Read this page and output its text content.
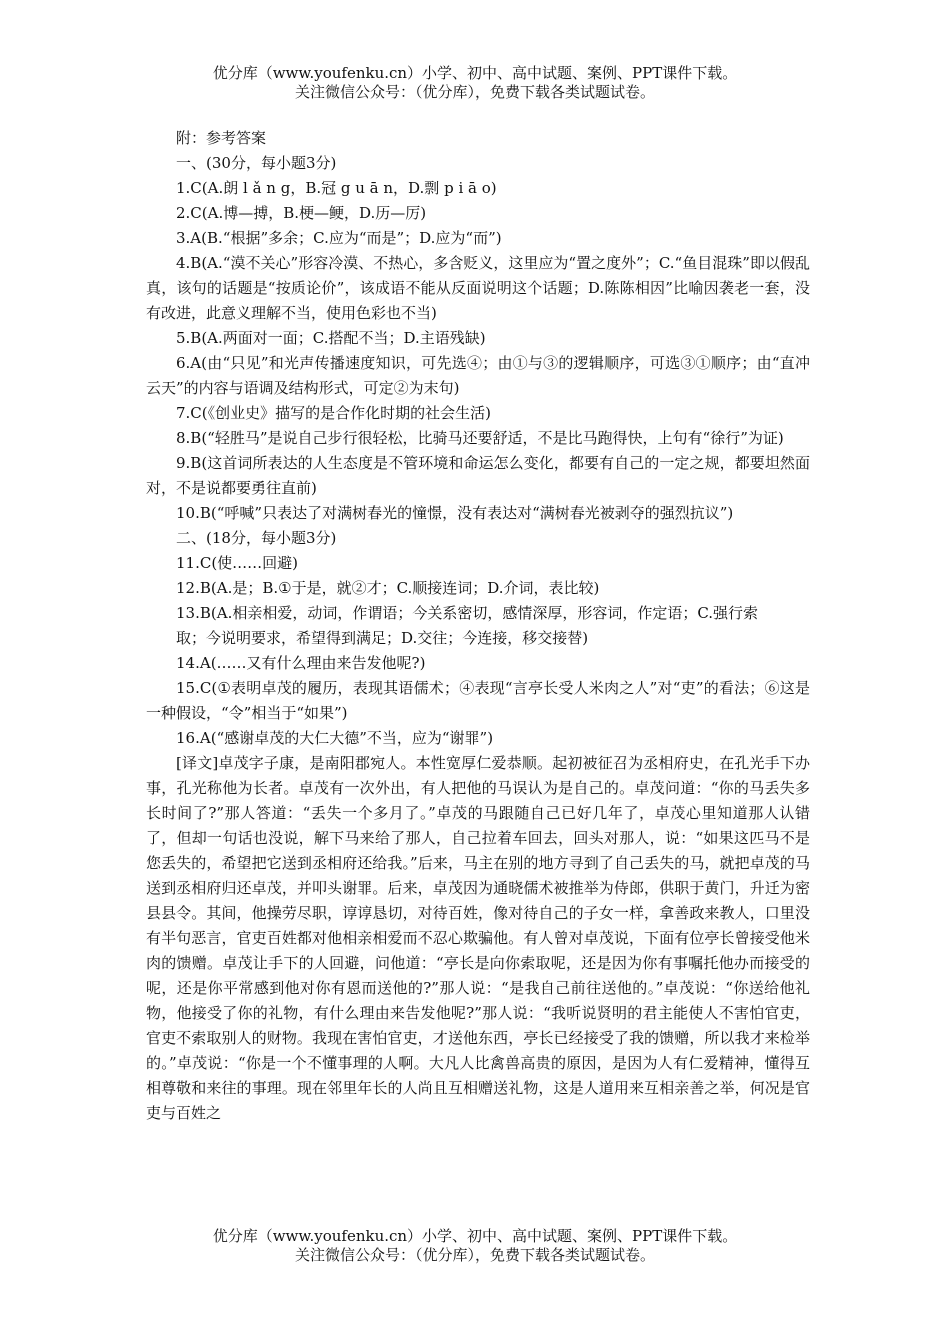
优分库（www.youfenku.cn）小学、初中、高中试题、案例、PPT课件下载。
关注微信公众号：（优分库），免费下载各类试题试卷。

附：参考答案

一、(30分，每小题3分)

1.C(A.朗 l ǎ n g，B.冠 g u ā n，D.剽 p i ā o)

2.C(A.博—搏，B.梗—鲠，D.历—厉)

3.A(B.“根据”多余；C.应为“而是”；D.应为“而”)

4.B(A.“漠不关心”形容冷漠、不热心，多含贬义，这里应为“置之度外”；C.“鱼目混珠”即以假乱真，该句的话题是“按质论价”，该成语不能从反面说明这个话题；D.陈陈相因”比喻因袭老一套，没有改进，此意义理解不当，使用色彩也不当)

5.B(A.两面对一面；C.搭配不当；D.主语残缺)

6.A(由“只见”和光声传播速度知识，可先选④；由①与③的逻辑顺序，可选③①顺序；由“直冲云天”的内容与语调及结构形式，可定②为末句)

7.C(《创业史》描写的是合作化时期的社会生活)

8.B(“轻胜马”是说自己步行很轻松，比骑马还要舒适，不是比马跑得快，上句有“徐行”为证)

9.B(这首词所表达的人生态度是不管环境和命运怎么变化，都要有自己的一定之规，都要坦然面对，不是说都要勇往直前)

10.B(“呼喊”只表达了对满树春光的憧憬，没有表达对“满树春光被剥夺的强烈抗议”)

二、(18分，每小题3分)

11.C(使……回避)

12.B(A.是；B.①于是，就②才；C.顺接连词；D.介词，表比较)

13.B(A.相亲相爱，动词，作谓语；今关系密切，感情深厚，形容词，作定语；C.强行索

取；今说明要求，希望得到满足；D.交往；今连接，移交接替)

14.A(……又有什么理由来告发他呢?)

15.C(①表明卓茂的履历，表现其语儒术；④表现“言亭长受人米肉之人”对“吏”的看法；⑥这是一种假设，“令”相当于“如果”)

16.A(“感谢卓茂的大仁大德”不当，应为“谢罪”)

[译文]卓茂字子康，是南阳郡宛人。本性宽厚仁爱恭顺。起初被征召为丞相府史，在孔光手下办事，孔光称他为长者。卓茂有一次外出，有人把他的马误认为是自己的。卓茂问道：“你的马丢失多长时间了?”那人答道：“丢失一个多月了。”卓茂的马跟随自己已好几年了，卓茂心里知道那人认错了，但却一句话也没说，解下马来给了那人，自己拉着车回去，回头对那人，说：“如果这匹马不是您丢失的，希望把它送到丞相府还给我。”后来，马主在别的地方寻到了自己丢失的马，就把卓茂的马送到丞相府归还卓茂，并叩头谢罪。后来，卓茂因为通晓儒术被推举为侍郎，供职于黄门，升迁为密县县令。其间，他操劳尽职，谆谆恳切，对待百姓，像对待自己的子女一样，拿善政来教人，口里没有半句恶言，官吏百姓都对他相亲相爱而不忍心欺骗他。有人曾对卓茂说，下面有位亭长曾接受他米肉的馈赠。卓茂让手下的人回避，问他道：“亭长是向你索取呢，还是因为你有事嘱托他办而接受的呢，还是你平常感到他对你有恩而送他的?”那人说：“是我自己前往送他的。”卓茂说：“你送给他礼物，他接受了你的礼物，有什么理由来告发他呢?”那人说：“我听说贤明的君主能使人不害怕官吏，官吏不索取别人的财物。我现在害怕官吏，才送他东西，亭长已经接受了我的馈赠，所以我才来检举的。”卓茂说：“你是一个不懂事理的人啊。大凡人比禽兽高贵的原因，是因为人有仁爱精神，懂得互相尊敬和来往的事理。现在邻里年长的人尚且互相赠送礼物，这是人道用来互相亲善之举，何况是官吏与百姓之

优分库（www.youfenku.cn）小学、初中、高中试题、案例、PPT课件下载。
关注微信公众号：（优分库），免费下载各类试题试卷。
